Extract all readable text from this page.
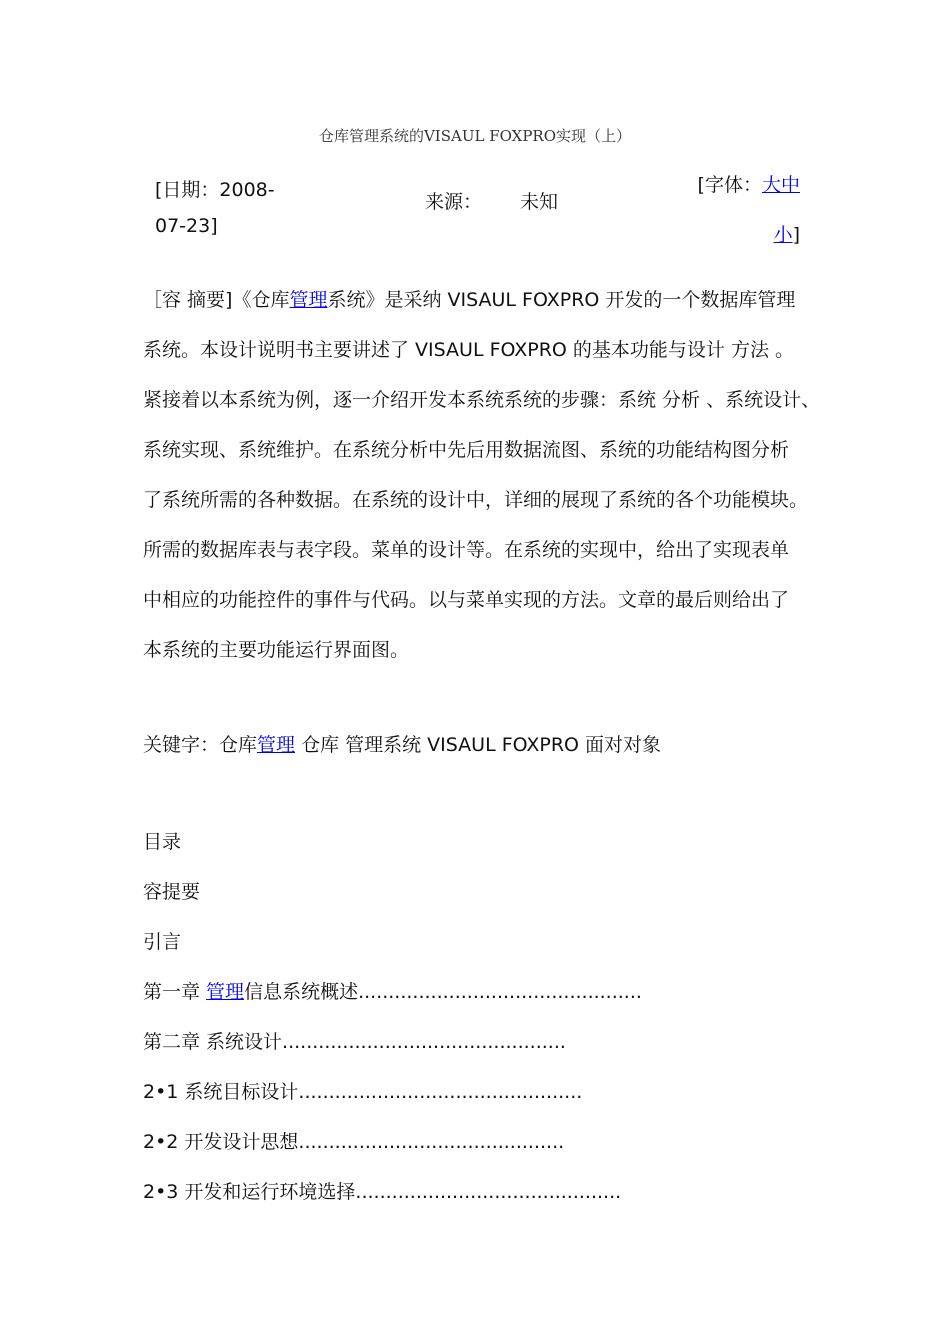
仓库管理系统的VISAUL FOXPRO实现（上）
[日期：2008-
07-23]
来源： 未知
[字体：大中
小]
［容 摘要]《仓库管理系统》是采纳 VISAUL FOXPRO 开发的一个数据库管理
系统。本设计说明书主要讲述了 VISAUL FOXPRO 的基本功能与设计 方法 。
紧接着以本系统为例，逐一介绍开发本系统系统的步骤：系统 分析 、系统设计、
系统实现、系统维护。在系统分析中先后用数据流图、系统的功能结构图分析
了系统所需的各种数据。在系统的设计中，详细的展现了系统的各个功能模块。
所需的数据库表与表字段。菜单的设计等。在系统的实现中，给出了实现表单
中相应的功能控件的事件与代码。以与菜单实现的方法。文章的最后则给出了
本系统的主要功能运行界面图。
关键字：仓库管理 仓库 管理系统 VISAUL FOXPRO 面对对象
目录
容提要
引言
第一章 管理信息系统概述...............................................
第二章 系统设计...............................................
2•1 系统目标设计...............................................
2•2 开发设计思想............................................
2•3 开发和运行环境选择............................................
